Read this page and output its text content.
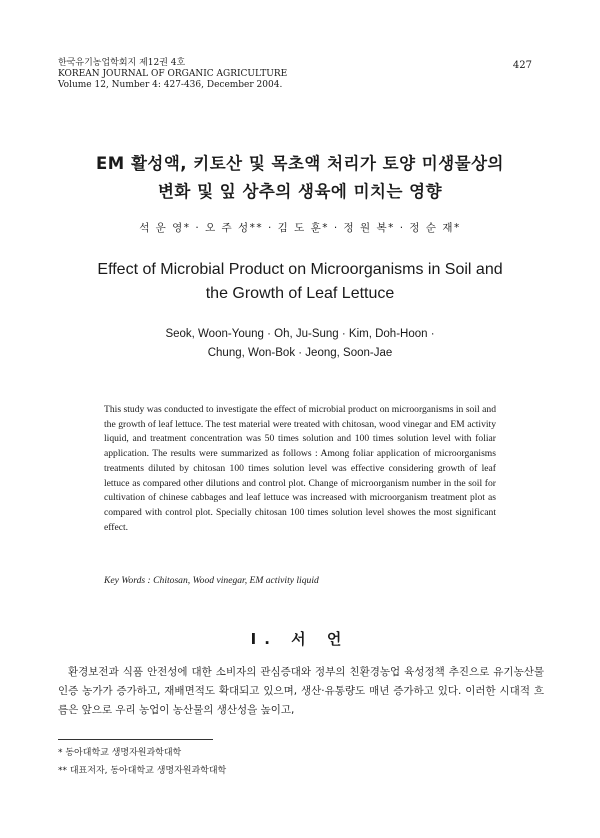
한국유기농업학회지 제12권 4호
KOREAN JOURNAL OF ORGANIC AGRICULTURE
Volume 12, Number 4: 427-436, December 2004.
427
EM 활성액, 키토산 및 목초액 처리가 토양 미생물상의
변화 및 잎 상추의 생육에 미치는 영향
석 운 영* · 오 주 성** · 김 도 훈* · 정 원 복* · 정 순 재*
Effect of Microbial Product on Microorganisms in Soil and
the Growth of Leaf Lettuce
Seok, Woon-Young · Oh, Ju-Sung · Kim, Doh-Hoon ·
Chung, Won-Bok · Jeong, Soon-Jae
This study was conducted to investigate the effect of microbial product on microorganisms in soil and the growth of leaf lettuce. The test material were treated with chitosan, wood vinegar and EM activity liquid, and treatment concentration was 50 times solution and 100 times solution level with foliar application. The results were summarized as follows : Among foliar application of microorganisms treatments diluted by chitosan 100 times solution level was effective considering growth of leaf lettuce as compared other dilutions and control plot. Change of microorganism number in the soil for cultivation of chinese cabbages and leaf lettuce was increased with microorganism treatment plot as compared with control plot. Specially chitosan 100 times solution level showes the most significant effect.
Key Words : Chitosan, Wood vinegar, EM activity liquid
Ⅰ. 서 언

환경보전과 식품 안전성에 대한 소비자의 관심증대와 정부의 친환경농업 육성정책 추진으로 유기농산물 인증 농가가 증가하고, 재배면적도 확대되고 있으며, 생산·유통량도 매년 증가하고 있다. 이러한 시대적 흐름은 앞으로 우리 농업이 농산물의 생산성을 높이고,

* 동아대학교 생명자원과학대학
** 대표저자, 동아대학교 생명자원과학대학
